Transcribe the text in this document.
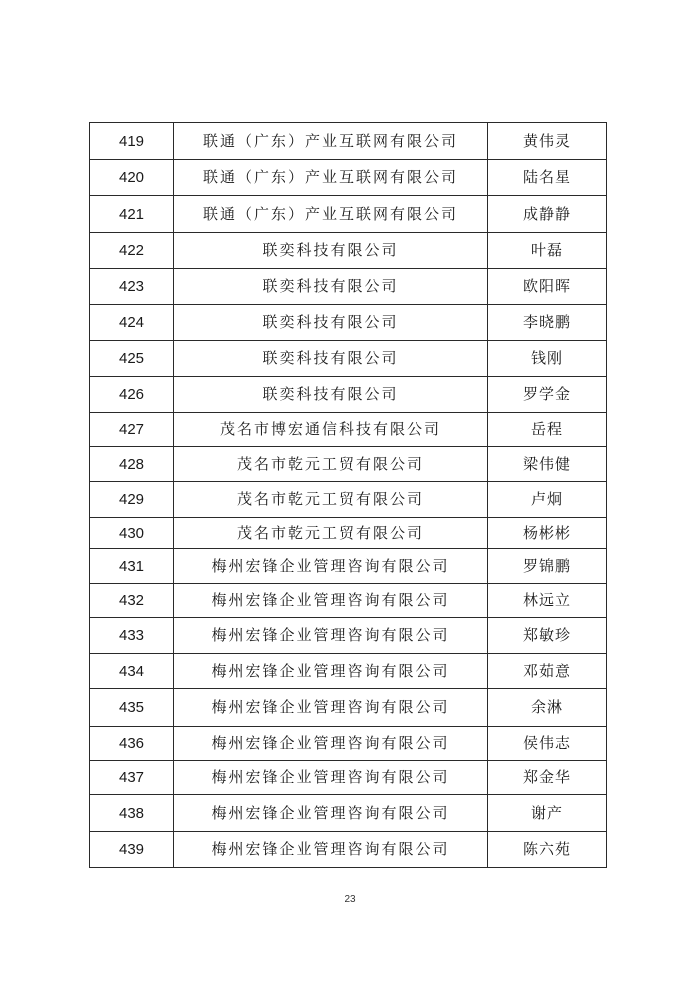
419	联通（广东）产业互联网有限公司	黄伟灵
420	联通（广东）产业互联网有限公司	陆名星
421	联通（广东）产业互联网有限公司	成静静
422	联奕科技有限公司	叶磊
423	联奕科技有限公司	欧阳晖
424	联奕科技有限公司	李晓鹏
425	联奕科技有限公司	钱刚
426	联奕科技有限公司	罗学金
427	茂名市博宏通信科技有限公司	岳程
428	茂名市乾元工贸有限公司	梁伟健
429	茂名市乾元工贸有限公司	卢炯
430	茂名市乾元工贸有限公司	杨彬彬
431	梅州宏锋企业管理咨询有限公司	罗锦鹏
432	梅州宏锋企业管理咨询有限公司	林远立
433	梅州宏锋企业管理咨询有限公司	郑敏珍
434	梅州宏锋企业管理咨询有限公司	邓茹意
435	梅州宏锋企业管理咨询有限公司	余淋
436	梅州宏锋企业管理咨询有限公司	侯伟志
437	梅州宏锋企业管理咨询有限公司	郑金华
438	梅州宏锋企业管理咨询有限公司	谢产
439	梅州宏锋企业管理咨询有限公司	陈六苑
23
